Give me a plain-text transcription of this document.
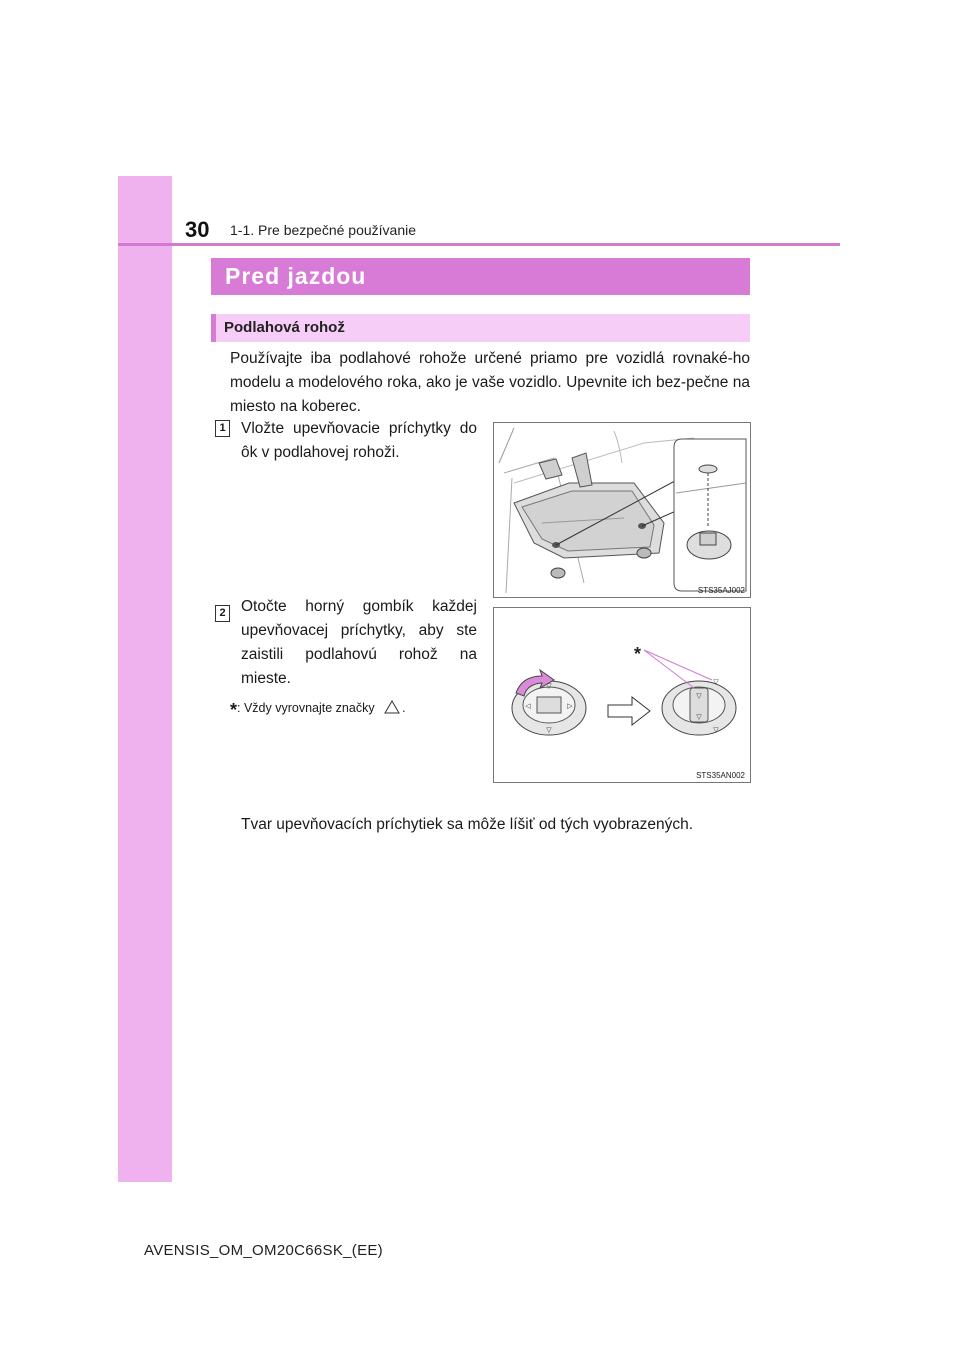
30 1-1. Pre bezpečné používanie
Pred jazdou
Podlahová rohož

Používajte iba podlahové rohože určené priamo pre vozidlá rovnaké-ho modelu a modelového roka, ako je vaše vozidlo. Upevnite ich bez-pečne na miesto na koberec.

1 Vložte upevňovacie príchytky do ôk v podlahovej rohoži.
STS35AJ002
2 Otočte horný gombík každej upevňovacej príchytky, aby ste zaistili podlahovú rohož na mieste.	▽
◁	▷
▽
▽
▽
▽
▽
*
STS35AN002
*: Vždy vyrovnajte značky .
Tvar upevňovacích príchytiek sa môže líšiť od tých vyobrazených.
AVENSIS_OM_OM20C66SK_(EE)
